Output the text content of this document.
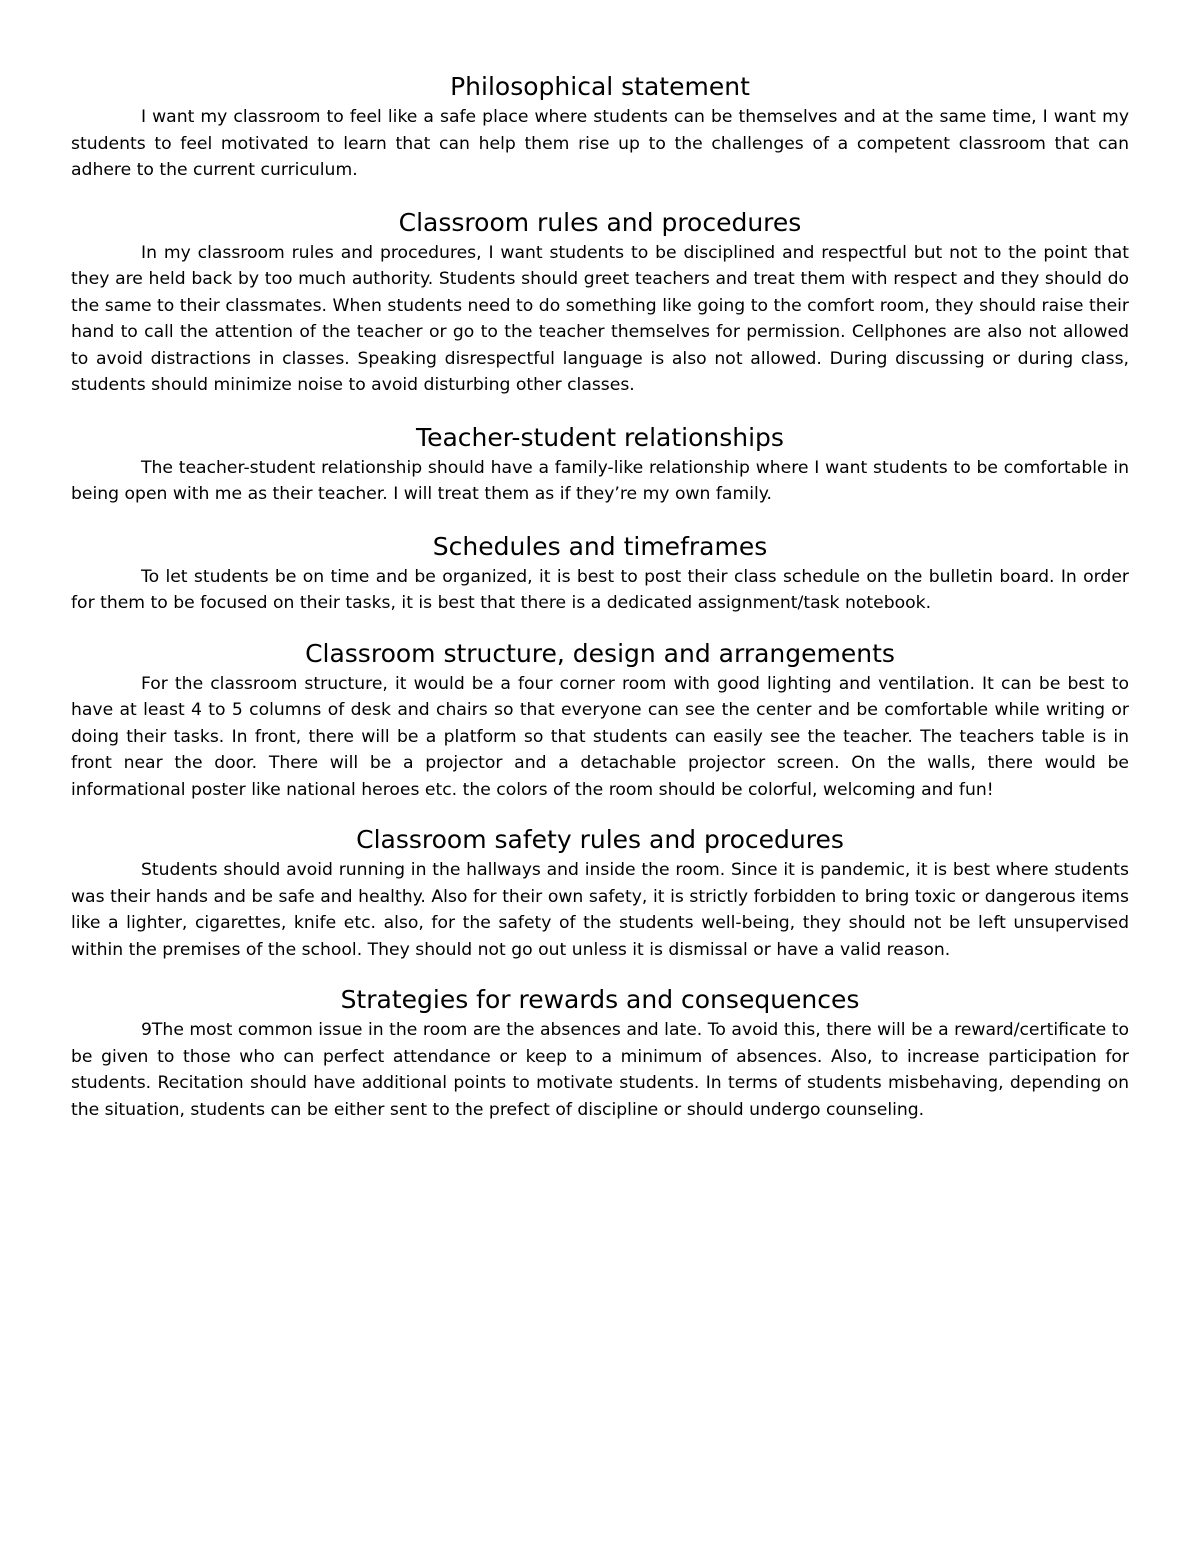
Philosophical statement

I want my classroom to feel like a safe place where students can be themselves and at the same time, I want my students to feel motivated to learn that can help them rise up to the challenges of a competent classroom that can adhere to the current curriculum.

Classroom rules and procedures

In my classroom rules and procedures, I want students to be disciplined and respectful but not to the point that they are held back by too much authority. Students should greet teachers and treat them with respect and they should do the same to their classmates. When students need to do something like going to the comfort room, they should raise their hand to call the attention of the teacher or go to the teacher themselves for permission. Cellphones are also not allowed to avoid distractions in classes. Speaking disrespectful language is also not allowed. During discussing or during class, students should minimize noise to avoid disturbing other classes.

Teacher-student relationships

The teacher-student relationship should have a family-like relationship where I want students to be comfortable in being open with me as their teacher. I will treat them as if they’re my own family.

Schedules and timeframes

To let students be on time and be organized, it is best to post their class schedule on the bulletin board. In order for them to be focused on their tasks, it is best that there is a dedicated assignment/task notebook.

Classroom structure, design and arrangements

For the classroom structure, it would be a four corner room with good lighting and ventilation. It can be best to have at least 4 to 5 columns of desk and chairs so that everyone can see the center and be comfortable while writing or doing their tasks. In front, there will be a platform so that students can easily see the teacher. The teachers table is in front near the door. There will be a projector and a detachable projector screen. On the walls, there would be informational poster like national heroes etc. the colors of the room should be colorful, welcoming and fun!

Classroom safety rules and procedures

Students should avoid running in the hallways and inside the room. Since it is pandemic, it is best where students was their hands and be safe and healthy. Also for their own safety, it is strictly forbidden to bring toxic or dangerous items like a lighter, cigarettes, knife etc. also, for the safety of the students well-being, they should not be left unsupervised within the premises of the school. They should not go out unless it is dismissal or have a valid reason.

Strategies for rewards and consequences

9The most common issue in the room are the absences and late. To avoid this, there will be a reward/certificate to be given to those who can perfect attendance or keep to a minimum of absences. Also, to increase participation for students. Recitation should have additional points to motivate students. In terms of students misbehaving, depending on the situation, students can be either sent to the prefect of discipline or should undergo counseling.
